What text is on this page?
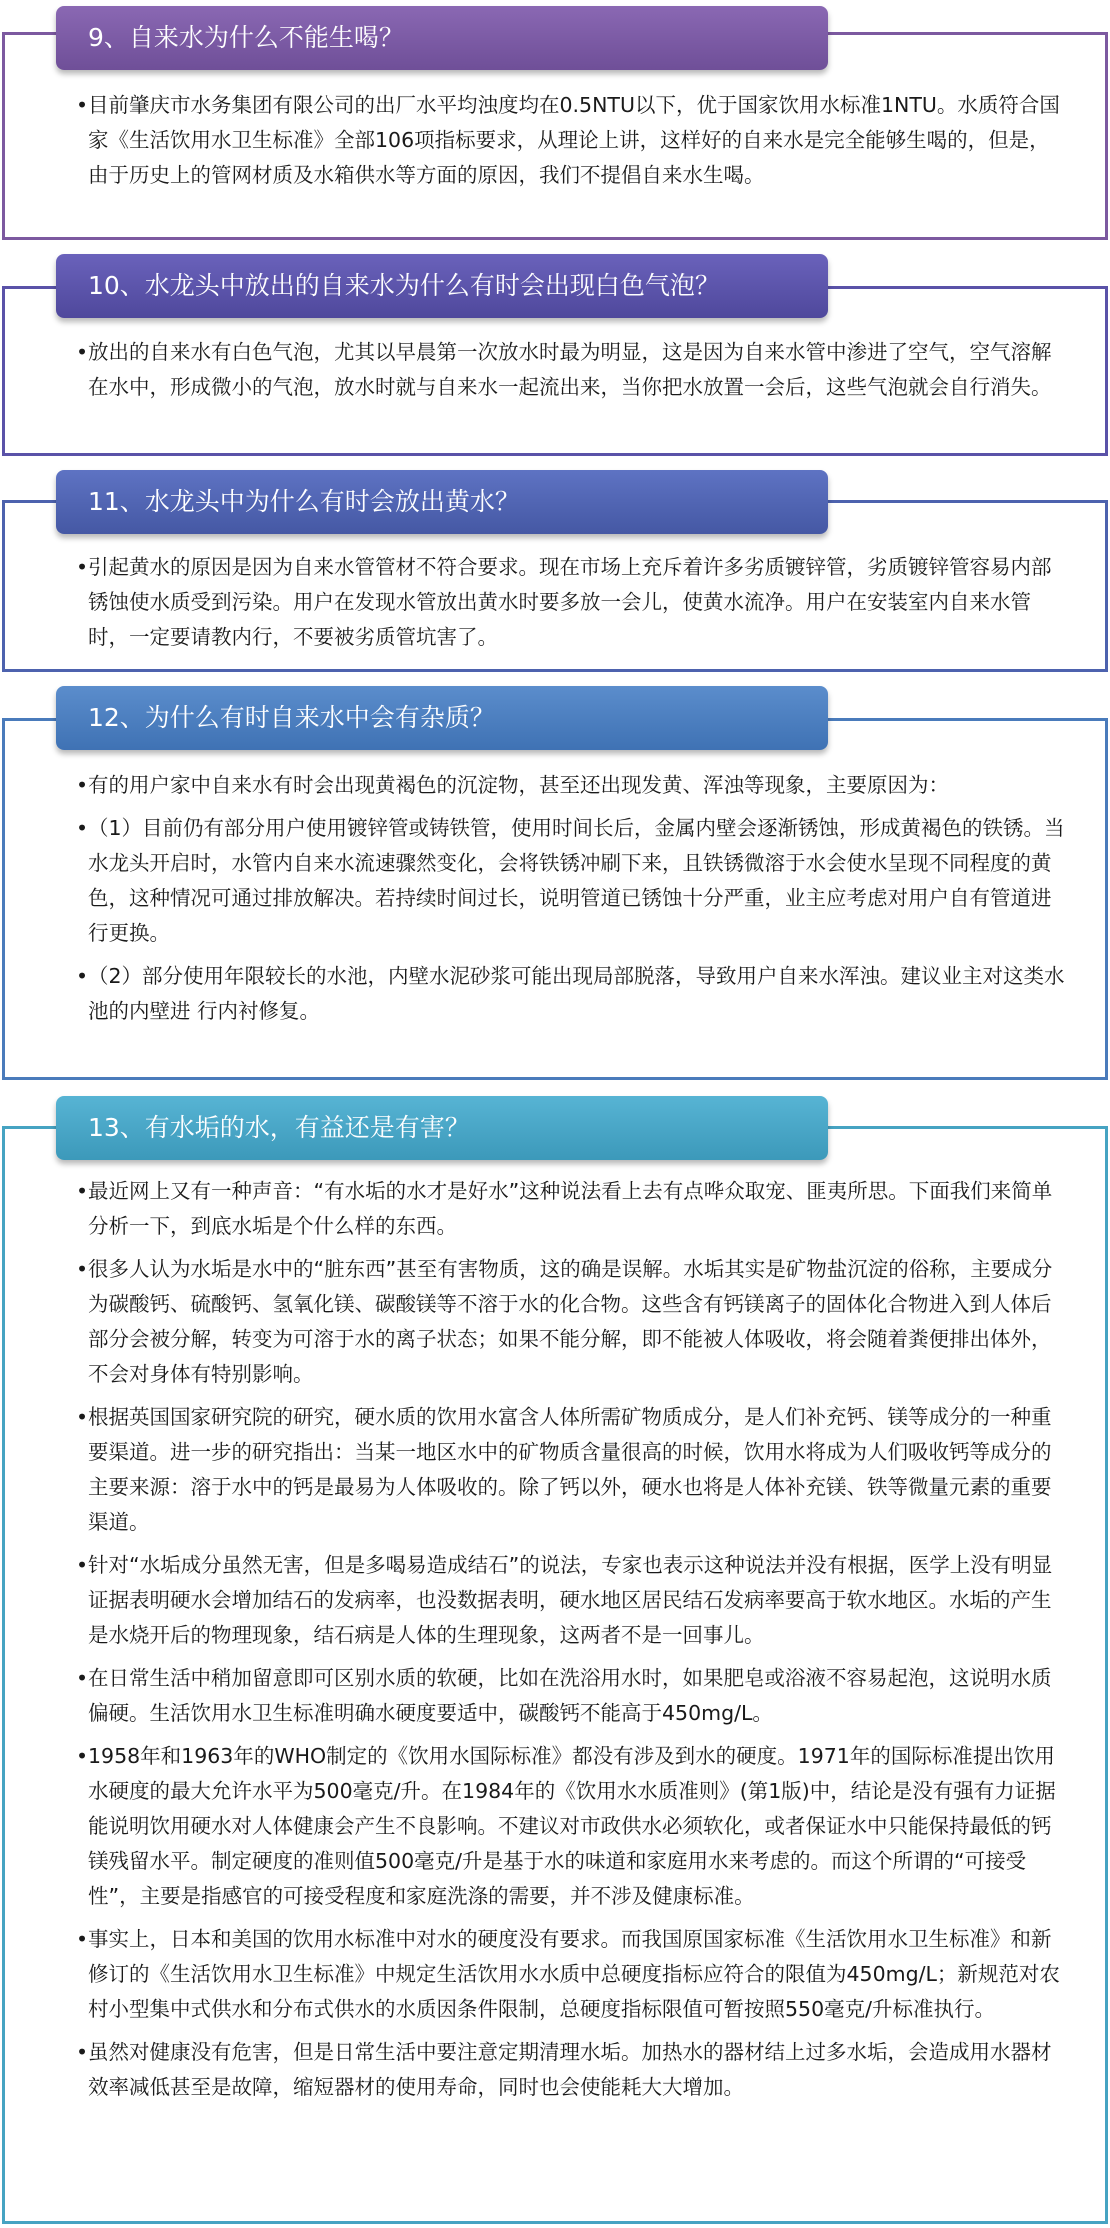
9、自来水为什么不能生喝？
• 目前肇庆市水务集团有限公司的出厂水平均浊度均在0.5NTU以下，优于国家饮用水标准1NTU。水质符合国家《生活饮用水卫生标准》全部106项指标要求，从理论上讲，这样好的自来水是完全能够生喝的，但是，由于历史上的管网材质及水箱供水等方面的原因，我们不提倡自来水生喝。
10、水龙头中放出的自来水为什么有时会出现白色气泡？
• 放出的自来水有白色气泡，尤其以早晨第一次放水时最为明显，这是因为自来水管中渗进了空气，空气溶解在水中，形成微小的气泡，放水时就与自来水一起流出来，当你把水放置一会后，这些气泡就会自行消失。
11、水龙头中为什么有时会放出黄水？
• 引起黄水的原因是因为自来水管管材不符合要求。现在市场上充斥着许多劣质镀锌管，劣质镀锌管容易内部锈蚀使水质受到污染。用户在发现水管放出黄水时要多放一会儿，使黄水流净。用户在安装室内自来水管时，一定要请教内行，不要被劣质管坑害了。
12、为什么有时自来水中会有杂质？
• 有的用户家中自来水有时会出现黄褐色的沉淀物，甚至还出现发黄、浑浊等现象，主要原因为：
• （1）目前仍有部分用户使用镀锌管或铸铁管，使用时间长后，金属内壁会逐渐锈蚀，形成黄褐色的铁锈。当水龙头开启时，水管内自来水流速骤然变化，会将铁锈冲刷下来，且铁锈微溶于水会使水呈现不同程度的黄色，这种情况可通过排放解决。若持续时间过长，说明管道已锈蚀十分严重，业主应考虑对用户自有管道进行更换。
• （2）部分使用年限较长的水池，内壁水泥砂浆可能出现局部脱落，导致用户自来水浑浊。建议业主对这类水池的内壁进 行内衬修复。
13、有水垢的水，有益还是有害？
• 最近网上又有一种声音：“有水垢的水才是好水”这种说法看上去有点哗众取宠、匪夷所思。下面我们来简单分析一下，到底水垢是个什么样的东西。
• 很多人认为水垢是水中的“脏东西”甚至有害物质，这的确是误解。水垢其实是矿物盐沉淀的俗称，主要成分为碳酸钙、硫酸钙、氢氧化镁、碳酸镁等不溶于水的化合物。这些含有钙镁离子的固体化合物进入到人体后部分会被分解，转变为可溶于水的离子状态；如果不能分解，即不能被人体吸收，将会随着粪便排出体外，不会对身体有特别影响。
• 根据英国国家研究院的研究，硬水质的饮用水富含人体所需矿物质成分，是人们补充钙、镁等成分的一种重要渠道。进一步的研究指出：当某一地区水中的矿物质含量很高的时候，饮用水将成为人们吸收钙等成分的主要来源：溶于水中的钙是最易为人体吸收的。除了钙以外，硬水也将是人体补充镁、铁等微量元素的重要渠道。
• 针对“水垢成分虽然无害，但是多喝易造成结石”的说法，专家也表示这种说法并没有根据，医学上没有明显证据表明硬水会增加结石的发病率，也没数据表明，硬水地区居民结石发病率要高于软水地区。水垢的产生是水烧开后的物理现象，结石病是人体的生理现象，这两者不是一回事儿。
• 在日常生活中稍加留意即可区别水质的软硬，比如在洗浴用水时，如果肥皂或浴液不容易起泡，这说明水质偏硬。生活饮用水卫生标准明确水硬度要适中，碳酸钙不能高于450mg/L。
• 1958年和1963年的WHO制定的《饮用水国际标准》都没有涉及到水的硬度。1971年的国际标准提出饮用水硬度的最大允许水平为500毫克/升。在1984年的《饮用水水质准则》(第1版)中，结论是没有强有力证据能说明饮用硬水对人体健康会产生不良影响。不建议对市政供水必须软化，或者保证水中只能保持最低的钙镁残留水平。制定硬度的准则值500毫克/升是基于水的味道和家庭用水来考虑的。而这个所谓的“可接受性”，主要是指感官的可接受程度和家庭洗涤的需要，并不涉及健康标准。
• 事实上，日本和美国的饮用水标准中对水的硬度没有要求。而我国原国家标准《生活饮用水卫生标准》和新修订的《生活饮用水卫生标准》中规定生活饮用水水质中总硬度指标应符合的限值为450mg/L；新规范对农村小型集中式供水和分布式供水的水质因条件限制，总硬度指标限值可暂按照550毫克/升标准执行。
• 虽然对健康没有危害，但是日常生活中要注意定期清理水垢。加热水的器材结上过多水垢，会造成用水器材效率减低甚至是故障，缩短器材的使用寿命，同时也会使能耗大大增加。
